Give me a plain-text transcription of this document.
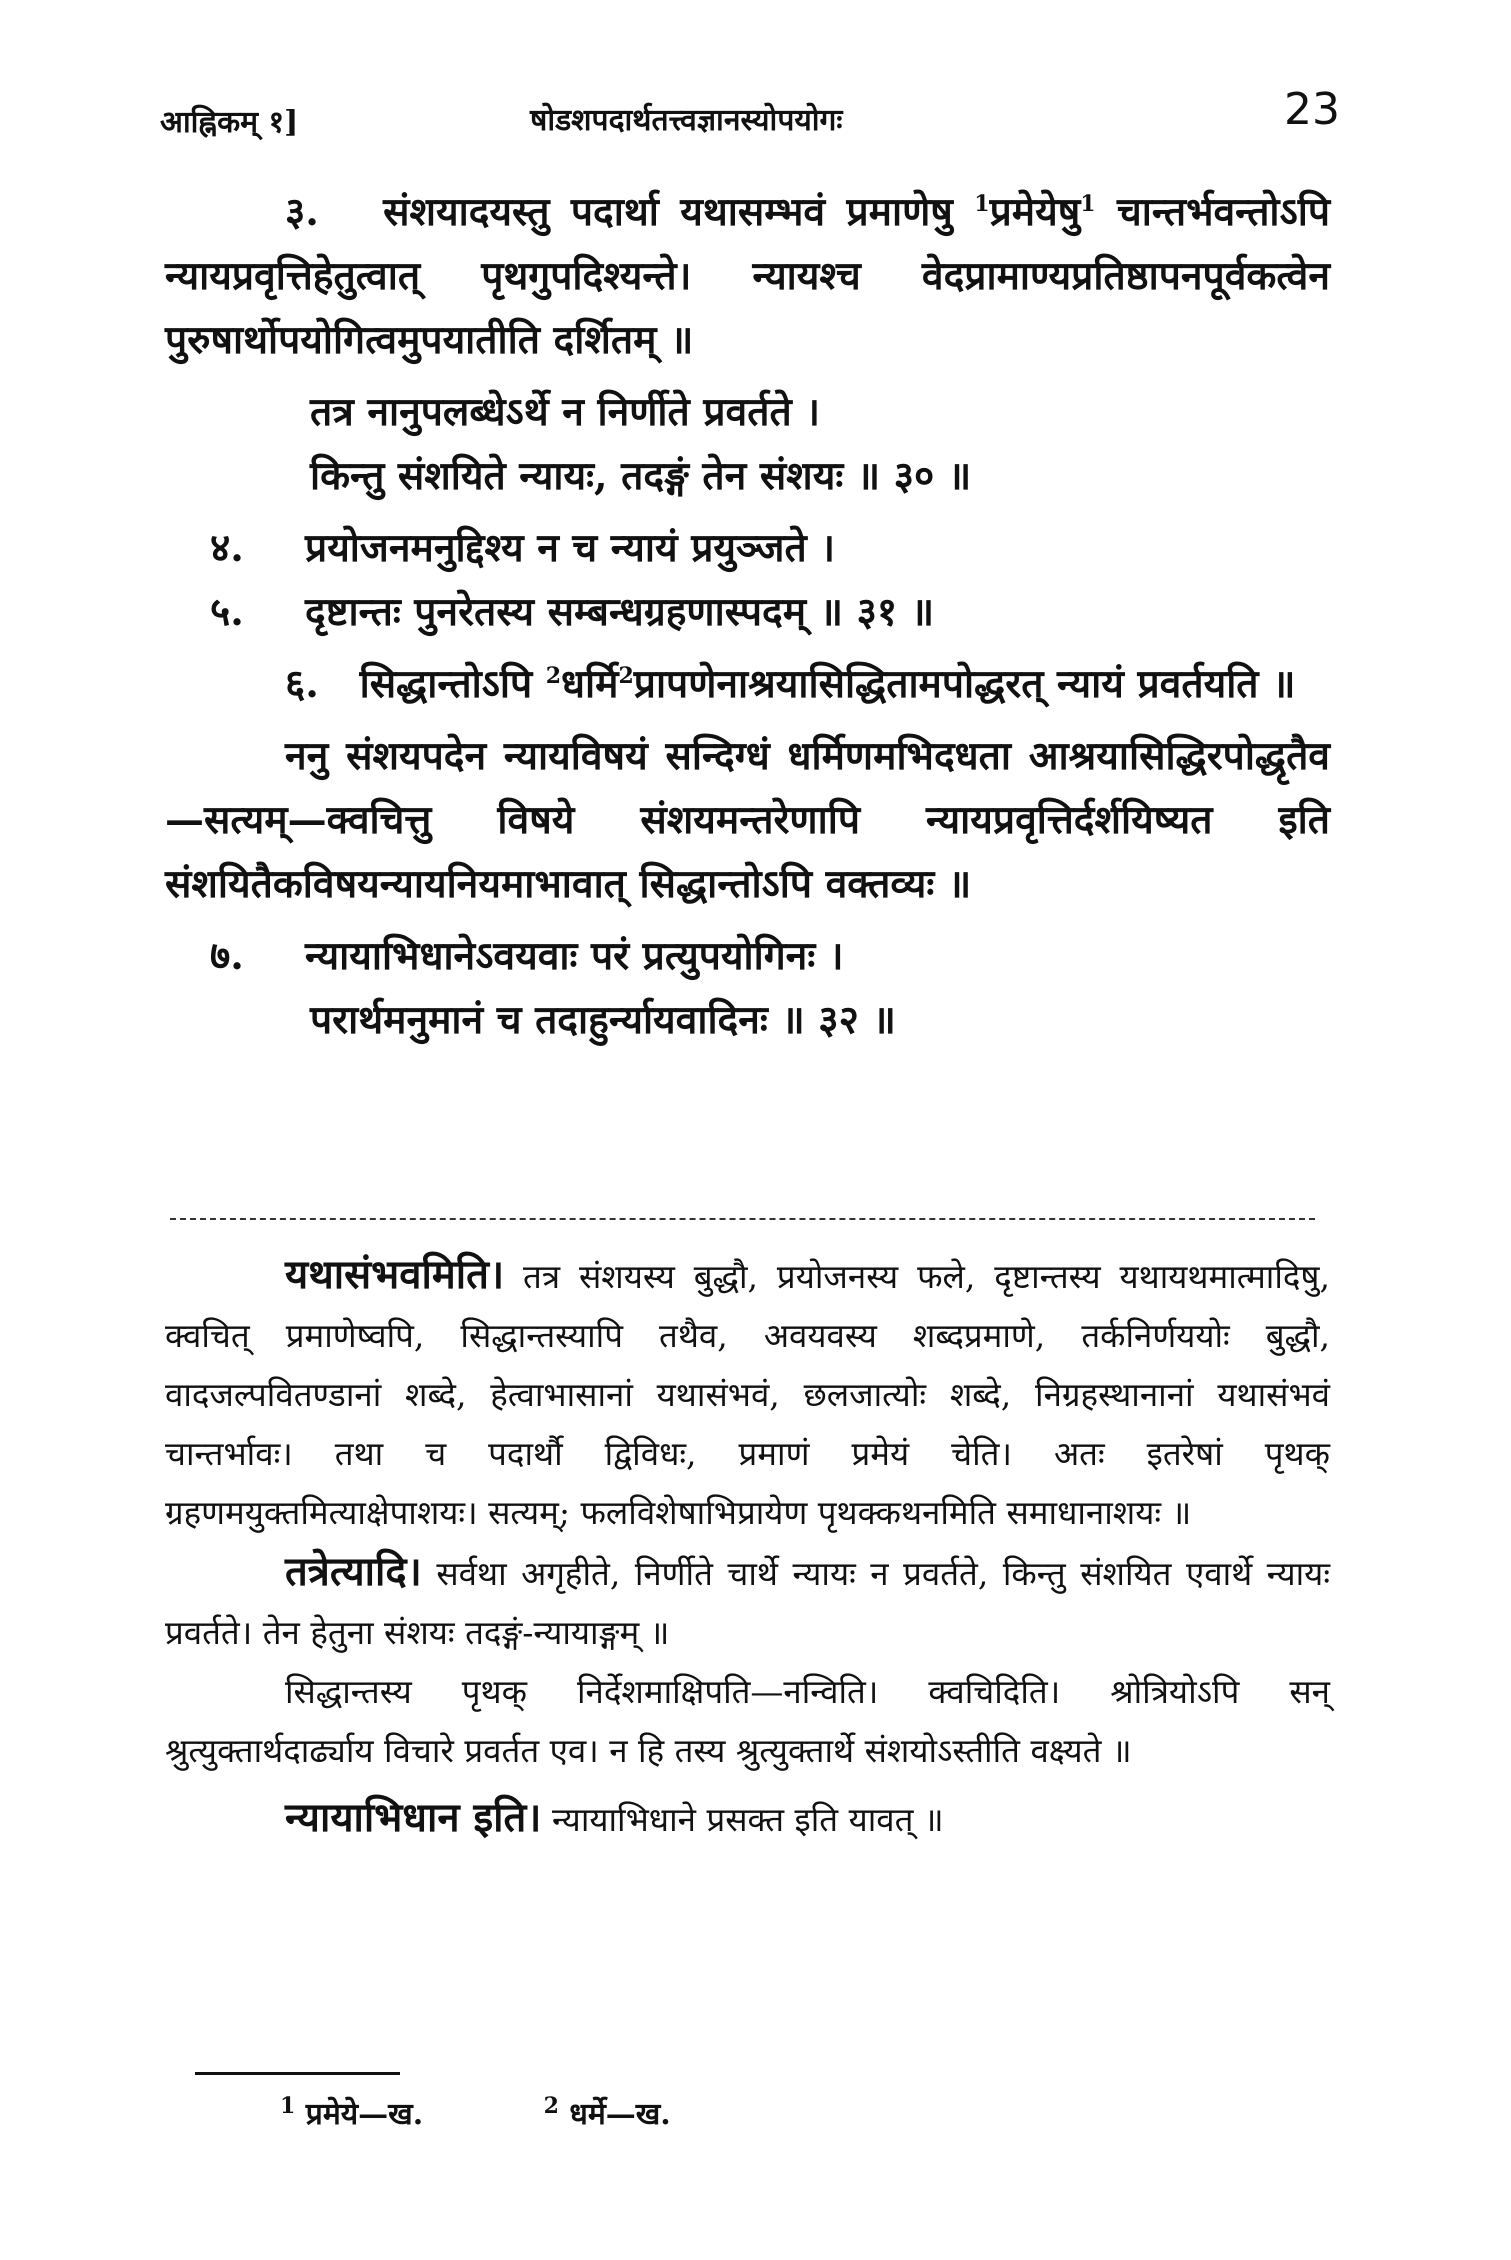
आह्निकम् १]	षोडशपदार्थतत्त्वज्ञानस्योपयोगः	23

३. संशयादयस्तु पदार्था यथासम्भवं प्रमाणेषु $^1$प्रमेयेषु$^1$ चान्तर्भवन्तोऽपि न्यायप्रवृत्तिहेतुत्वात् पृथगुपदिश्यन्ते। न्यायश्च वेदप्रामाण्यप्रतिष्ठापनपूर्वकत्वेन पुरुषार्थोपयोगित्वमुपयातीति दर्शितम् ॥

तत्र नानुपलब्धेऽर्थे न निर्णीते प्रवर्तते ।

किन्तु संशयिते न्यायः, तदङ्गं तेन संशयः ॥ ३० ॥

४. प्रयोजनमनुद्दिश्य न च न्यायं प्रयुञ्जते ।

५. दृष्टान्तः पुनरेतस्य सम्बन्धग्रहणास्पदम् ॥ ३१ ॥

६. सिद्धान्तोऽपि $^2$धर्मि$^2$प्रापणेनाश्रयासिद्धितामपोद्धरत् न्यायं प्रवर्तयति ॥

ननु संशयपदेन न्यायविषयं सन्दिग्धं धर्मिणमभिदधता आश्रयासिद्धिरपोद्धृतैव—सत्यम्—क्वचित्तु विषये संशयमन्तरेणापि न्यायप्रवृत्तिर्दर्शयिष्यत इति संशयितैकविषयन्यायनियमाभावात् सिद्धान्तोऽपि वक्तव्यः ॥

७. न्यायाभिधानेऽवयवाः परं प्रत्युपयोगिनः ।

परार्थमनुमानं च तदाहुर्न्यायवादिनः ॥ ३२ ॥

यथासंभवमिति। तत्र संशयस्य बुद्धौ, प्रयोजनस्य फले, दृष्टान्तस्य यथायथमात्मादिषु, क्वचित् प्रमाणेष्वपि, सिद्धान्तस्यापि तथैव, अवयवस्य शब्दप्रमाणे, तर्कनिर्णययोः बुद्धौ, वादजल्पवितण्डानां शब्दे, हेत्वाभासानां यथासंभवं, छलजात्योः शब्दे, निग्रहस्थानानां यथासंभवं चान्तर्भावः। तथा च पदार्थौ द्विविधः, प्रमाणं प्रमेयं चेति। अतः इतरेषां पृथक् ग्रहणमयुक्तमित्याक्षेपाशयः। सत्यम्; फलविशेषाभिप्रायेण पृथक्कथनमिति समाधानाशयः ॥

तत्रेत्यादि। सर्वथा अगृहीते, निर्णीते चार्थे न्यायः न प्रवर्तते, किन्तु संशयित एवार्थे न्यायः प्रवर्तते। तेन हेतुना संशयः तदङ्गं-न्यायाङ्गम् ॥

सिद्धान्तस्य पृथक् निर्देशमाक्षिपति—नन्विति। क्वचिदिति। श्रोत्रियोऽपि सन् श्रुत्युक्तार्थदार्ढ्याय विचारे प्रवर्तत एव। न हि तस्य श्रुत्युक्तार्थे संशयोऽस्तीति वक्ष्यते ॥

न्यायाभिधान इति। न्यायाभिधाने प्रसक्त इति यावत् ॥

$^1$ प्रमेये—ख.	$^2$ धर्मे—ख.
